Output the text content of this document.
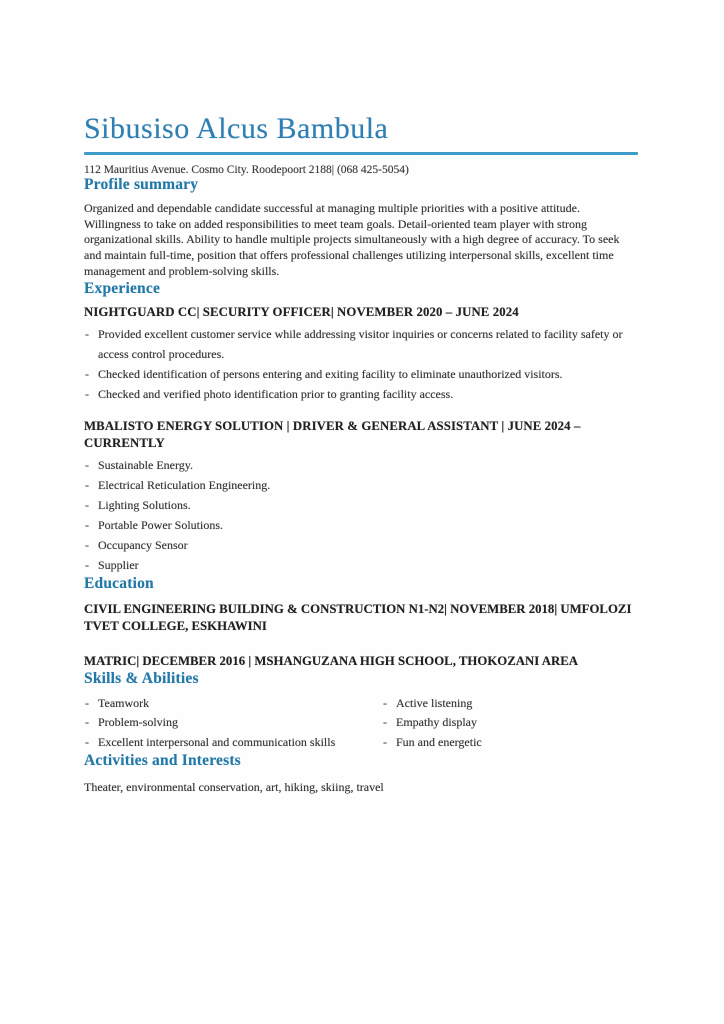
Sibusiso Alcus Bambula

112 Mauritius Avenue. Cosmo City. Roodepoort 2188| (068 425-5054)

Profile summary

Organized and dependable candidate successful at managing multiple priorities with a positive attitude. Willingness to take on added responsibilities to meet team goals. Detail-oriented team player with strong organizational skills. Ability to handle multiple projects simultaneously with a high degree of accuracy. To seek and maintain full-time, position that offers professional challenges utilizing interpersonal skills, excellent time management and problem-solving skills.

Experience
NIGHTGUARD CC| SECURITY OFFICER| NOVEMBER 2020 – JUNE 2024
- Provided excellent customer service while addressing visitor inquiries or concerns related to facility safety or access control procedures.
- Checked identification of persons entering and exiting facility to eliminate unauthorized visitors.
- Checked and verified photo identification prior to granting facility access.
MBALISTO ENERGY SOLUTION | DRIVER & GENERAL ASSISTANT | JUNE 2024 – CURRENTLY
- Sustainable Energy.
- Electrical Reticulation Engineering.
- Lighting Solutions.
- Portable Power Solutions.
- Occupancy Sensor
- Supplier
Education

CIVIL ENGINEERING BUILDING & CONSTRUCTION N1-N2| NOVEMBER 2018| UMFOLOZI TVET COLLEGE, ESKHAWINI

MATRIC| DECEMBER 2016 | MSHANGUZANA HIGH SCHOOL, THOKOZANI AREA

Skills & Abilities
- Teamwork
- Problem-solving
- Excellent interpersonal and communication skills
- Active listening
- Empathy display
- Fun and energetic
Activities and Interests

Theater, environmental conservation, art, hiking, skiing, travel
